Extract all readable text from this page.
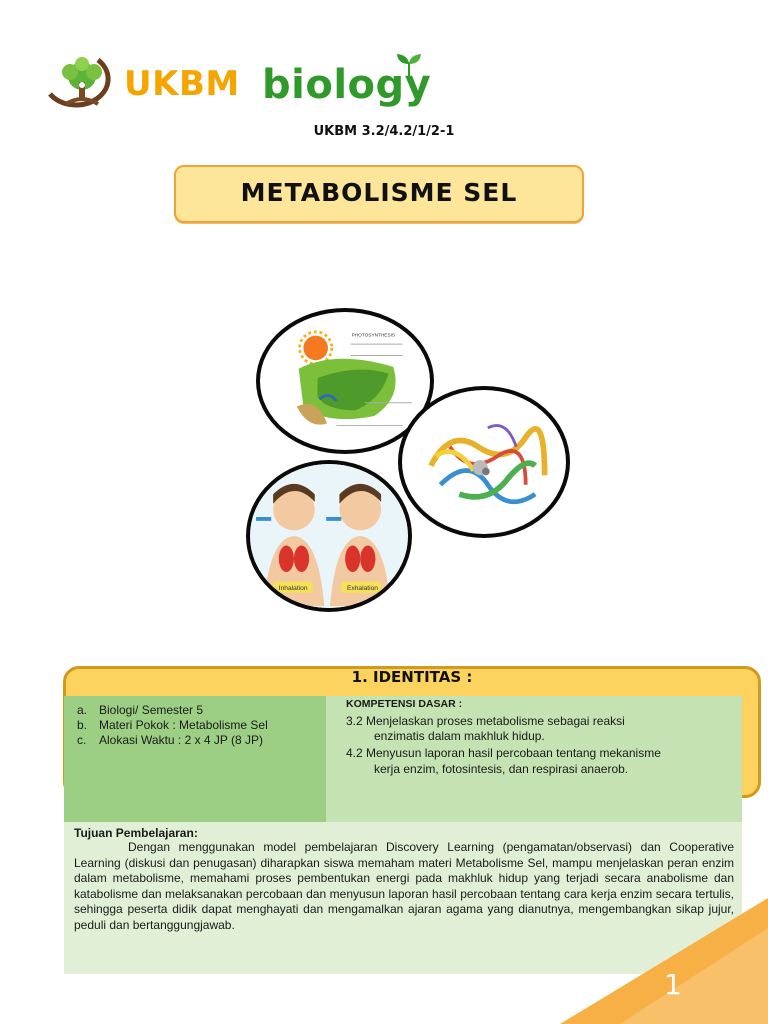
UKBM biology
UKBM 3.2/4.2/1/2-1
METABOLISME SEL
PHOTOSYNTHESIS
Inhalation	Exhalation
1. IDENTITAS :
a. Biologi/ Semester 5
b. Materi Pokok : Metabolisme Sel
c. Alokasi Waktu : 2 x 4 JP (8 JP)
KOMPETENSI DASAR :
3.2 Menjelaskan proses metabolisme sebagai reaksi
enzimatis dalam makhluk hidup.
4.2 Menyusun laporan hasil percobaan tentang mekanisme
kerja enzim, fotosintesis, dan respirasi anaerob.
Tujuan Pembelajaran:
Dengan menggunakan model pembelajaran Discovery Learning (pengamatan/observasi) dan Cooperative Learning (diskusi dan penugasan) diharapkan siswa memaham materi Metabolisme Sel, mampu menjelaskan peran enzim dalam metabolisme, memahami proses pembentukan energi pada makhluk hidup yang terjadi secara anabolisme dan katabolisme dan melaksanakan percobaan dan menyusun laporan hasil percobaan tentang cara kerja enzim secara tertulis, sehingga peserta didik dapat menghayati dan mengamalkan ajaran agama yang dianutnya, mengembangkan sikap jujur, peduli dan bertanggungjawab.
1
